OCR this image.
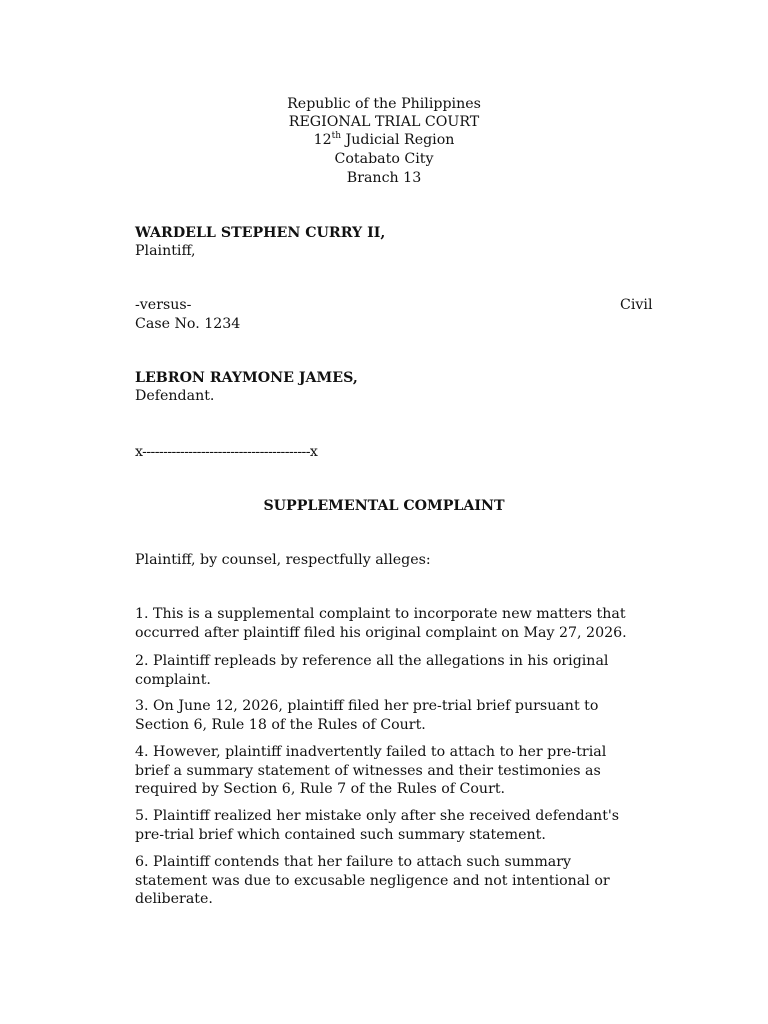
Republic of the Philippines

REGIONAL TRIAL COURT

12th Judicial Region

Cotabato City

Branch 13

WARDELL STEPHEN CURRY II,

Plaintiff,

-versus-	Civil

Case No. 1234

LEBRON RAYMONE JAMES,

Defendant.

x----------------------------------------x

SUPPLEMENTAL COMPLAINT

Plaintiff, by counsel, respectfully alleges:

1. This is a supplemental complaint to incorporate new matters that
occurred after plaintiff filed his original complaint on May 27, 2026.
2. Plaintiff repleads by reference all the allegations in his original
complaint.
3. On June 12, 2026, plaintiff filed her pre-trial brief pursuant to
Section 6, Rule 18 of the Rules of Court.
4. However, plaintiff inadvertently failed to attach to her pre-trial
brief a summary statement of witnesses and their testimonies as
required by Section 6, Rule 7 of the Rules of Court.
5. Plaintiff realized her mistake only after she received defendant's
pre-trial brief which contained such summary statement.
6. Plaintiff contends that her failure to attach such summary
statement was due to excusable negligence and not intentional or
deliberate.
